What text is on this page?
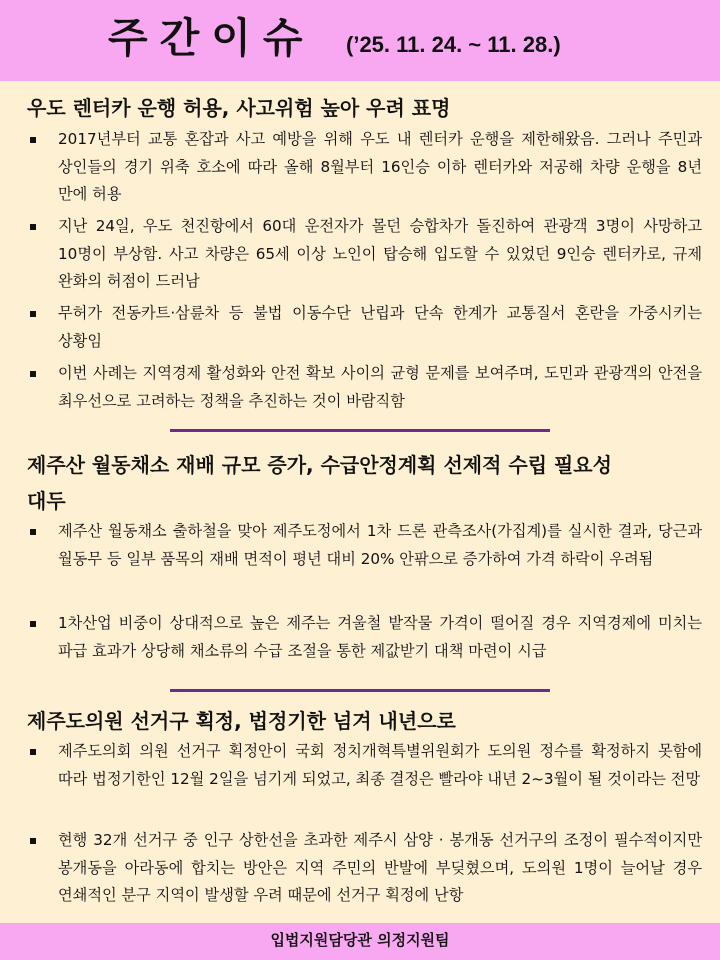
주간이슈 (’25. 11. 24. ~ 11. 28.)
우도 렌터카 운행 허용, 사고위험 높아 우려 표명
2017년부터 교통 혼잡과 사고 예방을 위해 우도 내 렌터카 운행을 제한해왔음. 그러나 주민과 상인들의 경기 위축 호소에 따라 올해 8월부터 16인승 이하 렌터카와 저공해 차량 운행을 8년 만에 허용
지난 24일, 우도 천진항에서 60대 운전자가 몰던 승합차가 돌진하여 관광객 3명이 사망하고 10명이 부상함. 사고 차량은 65세 이상 노인이 탑승해 입도할 수 있었던 9인승 렌터카로, 규제 완화의 허점이 드러남
무허가 전동카트·삼륜차 등 불법 이동수단 난립과 단속 한계가 교통질서 혼란을 가중시키는 상황임
이번 사례는 지역경제 활성화와 안전 확보 사이의 균형 문제를 보여주며, 도민과 관광객의 안전을 최우선으로 고려하는 정책을 추진하는 것이 바람직함
제주산 월동채소 재배 규모 증가, 수급안정계획 선제적 수립 필요성
대두
제주산 월동채소 출하철을 맞아 제주도정에서 1차 드론 관측조사(가집계)를 실시한 결과, 당근과 월동무 등 일부 품목의 재배 면적이 평년 대비 20% 안팎으로 증가하여 가격 하락이 우려됨
1차산업 비중이 상대적으로 높은 제주는 겨울철 밭작물 가격이 떨어질 경우 지역경제에 미치는 파급 효과가 상당해 채소류의 수급 조절을 통한 제값받기 대책 마련이 시급
제주도의원 선거구 획정, 법정기한 넘겨 내년으로
제주도의회 의원 선거구 획정안이 국회 정치개혁특별위원회가 도의원 정수를 확정하지 못함에 따라 법정기한인 12월 2일을 넘기게 되었고, 최종 결정은 빨라야 내년 2~3월이 될 것이라는 전망
현행 32개 선거구 중 인구 상한선을 초과한 제주시 삼양 · 봉개동 선거구의 조정이 필수적이지만 봉개동을 아라동에 합치는 방안은 지역 주민의 반발에 부딪혔으며, 도의원 1명이 늘어날 경우 연쇄적인 분구 지역이 발생할 우려 때문에 선거구 획정에 난항
입법지원담당관 의정지원팀
